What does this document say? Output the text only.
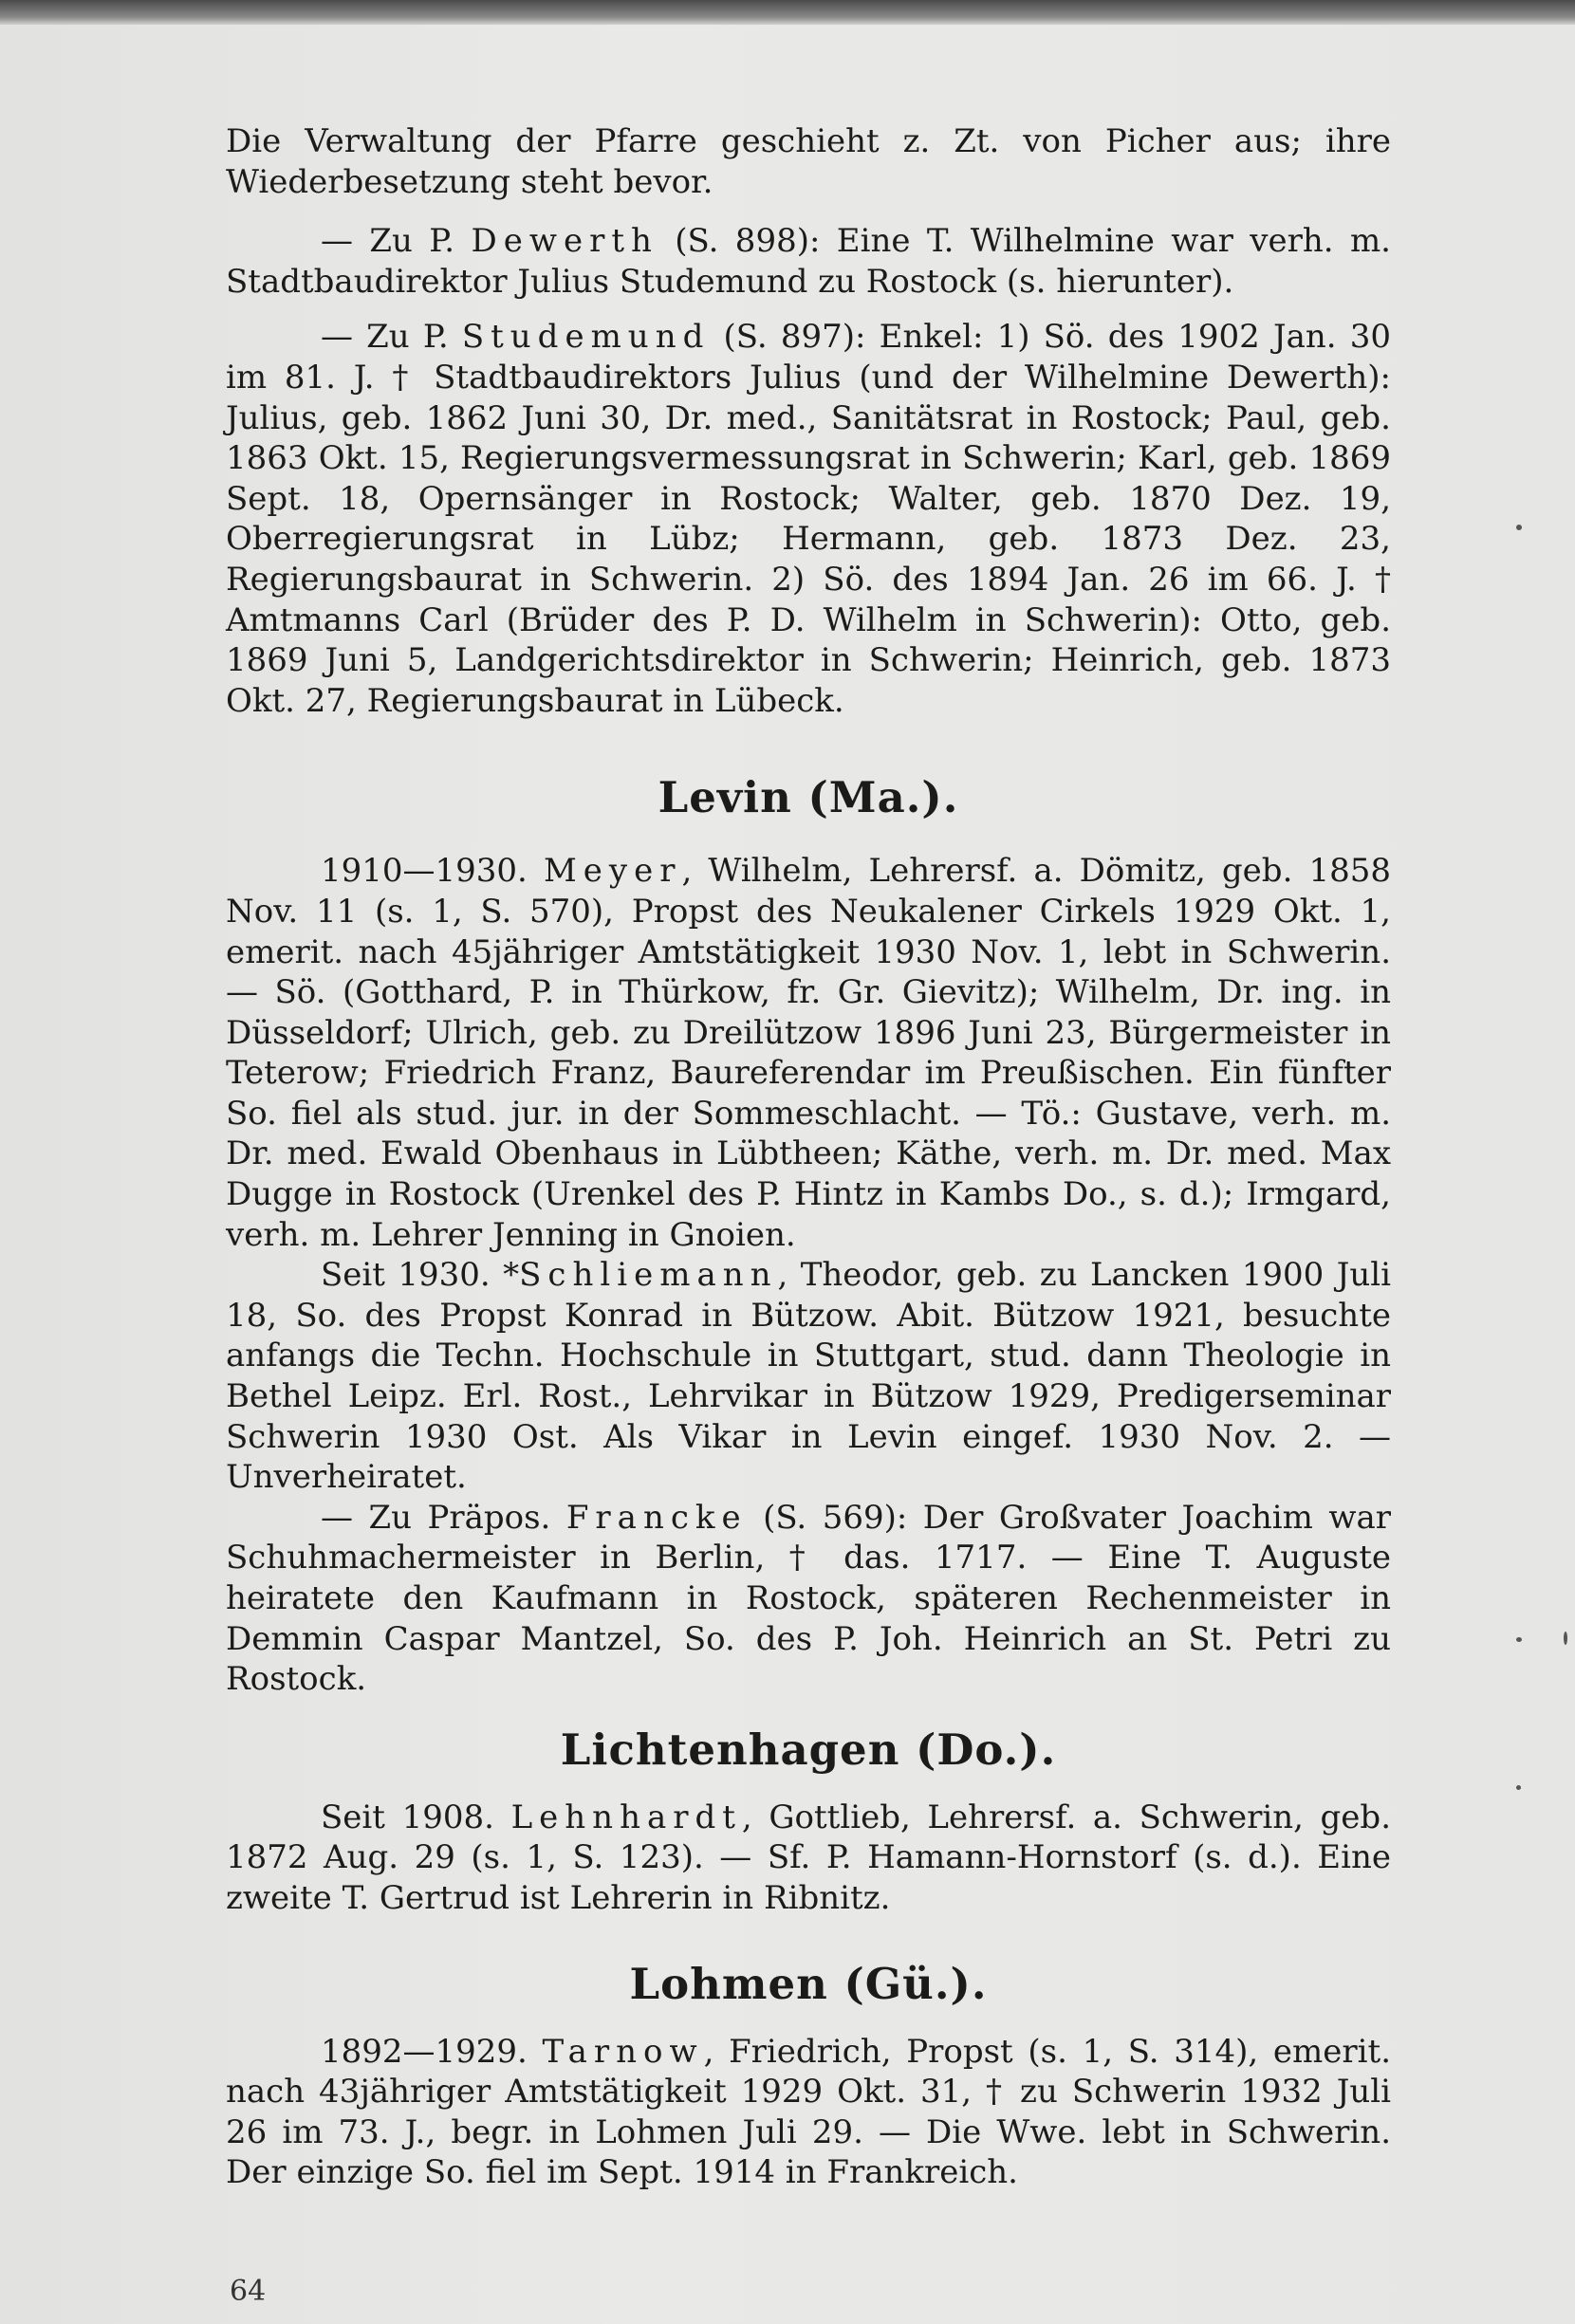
Die Verwaltung der Pfarre geschieht z. Zt. von Picher aus; ihre Wiederbesetzung steht bevor.

— Zu P. Dewerth (S. 898): Eine T. Wilhelmine war verh. m. Stadtbaudirektor Julius Studemund zu Rostock (s. hierunter).

— Zu P. Studemund (S. 897): Enkel: 1) Sö. des 1902 Jan. 30 im 81. J. † Stadtbaudirektors Julius (und der Wilhelmine Dewerth): Julius, geb. 1862 Juni 30, Dr. med., Sanitätsrat in Rostock; Paul, geb. 1863 Okt. 15, Regierungsvermessungsrat in Schwerin; Karl, geb. 1869 Sept. 18, Opernsänger in Rostock; Walter, geb. 1870 Dez. 19, Oberregierungsrat in Lübz; Hermann, geb. 1873 Dez. 23, Regierungsbaurat in Schwerin. 2) Sö. des 1894 Jan. 26 im 66. J. † Amtmanns Carl (Brüder des P. D. Wilhelm in Schwerin): Otto, geb. 1869 Juni 5, Landgerichtsdirektor in Schwerin; Heinrich, geb. 1873 Okt. 27, Regierungsbaurat in Lübeck.

Levin (Ma.).

1910—1930. Meyer, Wilhelm, Lehrersf. a. Dömitz, geb. 1858 Nov. 11 (s. 1, S. 570), Propst des Neukalener Cirkels 1929 Okt. 1, emerit. nach 45jähriger Amtstätigkeit 1930 Nov. 1, lebt in Schwerin. — Sö. (Gotthard, P. in Thürkow, fr. Gr. Gievitz); Wilhelm, Dr. ing. in Düsseldorf; Ulrich, geb. zu Dreilützow 1896 Juni 23, Bürgermeister in Teterow; Friedrich Franz, Baureferendar im Preußischen. Ein fünfter So. fiel als stud. jur. in der Sommeschlacht. — Tö.: Gustave, verh. m. Dr. med. Ewald Obenhaus in Lübtheen; Käthe, verh. m. Dr. med. Max Dugge in Rostock (Urenkel des P. Hintz in Kambs Do., s. d.); Irmgard, verh. m. Lehrer Jenning in Gnoien.

Seit 1930. *Schliemann, Theodor, geb. zu Lancken 1900 Juli 18, So. des Propst Konrad in Bützow. Abit. Bützow 1921, besuchte anfangs die Techn. Hochschule in Stuttgart, stud. dann Theologie in Bethel Leipz. Erl. Rost., Lehrvikar in Bützow 1929, Predigerseminar Schwerin 1930 Ost. Als Vikar in Levin eingef. 1930 Nov. 2. — Unverheiratet.

— Zu Präpos. Francke (S. 569): Der Großvater Joachim war Schuhmachermeister in Berlin, † das. 1717. — Eine T. Auguste heiratete den Kaufmann in Rostock, späteren Rechenmeister in Demmin Caspar Mantzel, So. des P. Joh. Heinrich an St. Petri zu Rostock.

Lichtenhagen (Do.).

Seit 1908. Lehnhardt, Gottlieb, Lehrersf. a. Schwerin, geb. 1872 Aug. 29 (s. 1, S. 123). — Sf. P. Hamann-Hornstorf (s. d.). Eine zweite T. Gertrud ist Lehrerin in Ribnitz.

Lohmen (Gü.).

1892—1929. Tarnow, Friedrich, Propst (s. 1, S. 314), emerit. nach 43jähriger Amtstätigkeit 1929 Okt. 31, † zu Schwerin 1932 Juli 26 im 73. J., begr. in Lohmen Juli 29. — Die Wwe. lebt in Schwerin. Der einzige So. fiel im Sept. 1914 in Frankreich.

64
